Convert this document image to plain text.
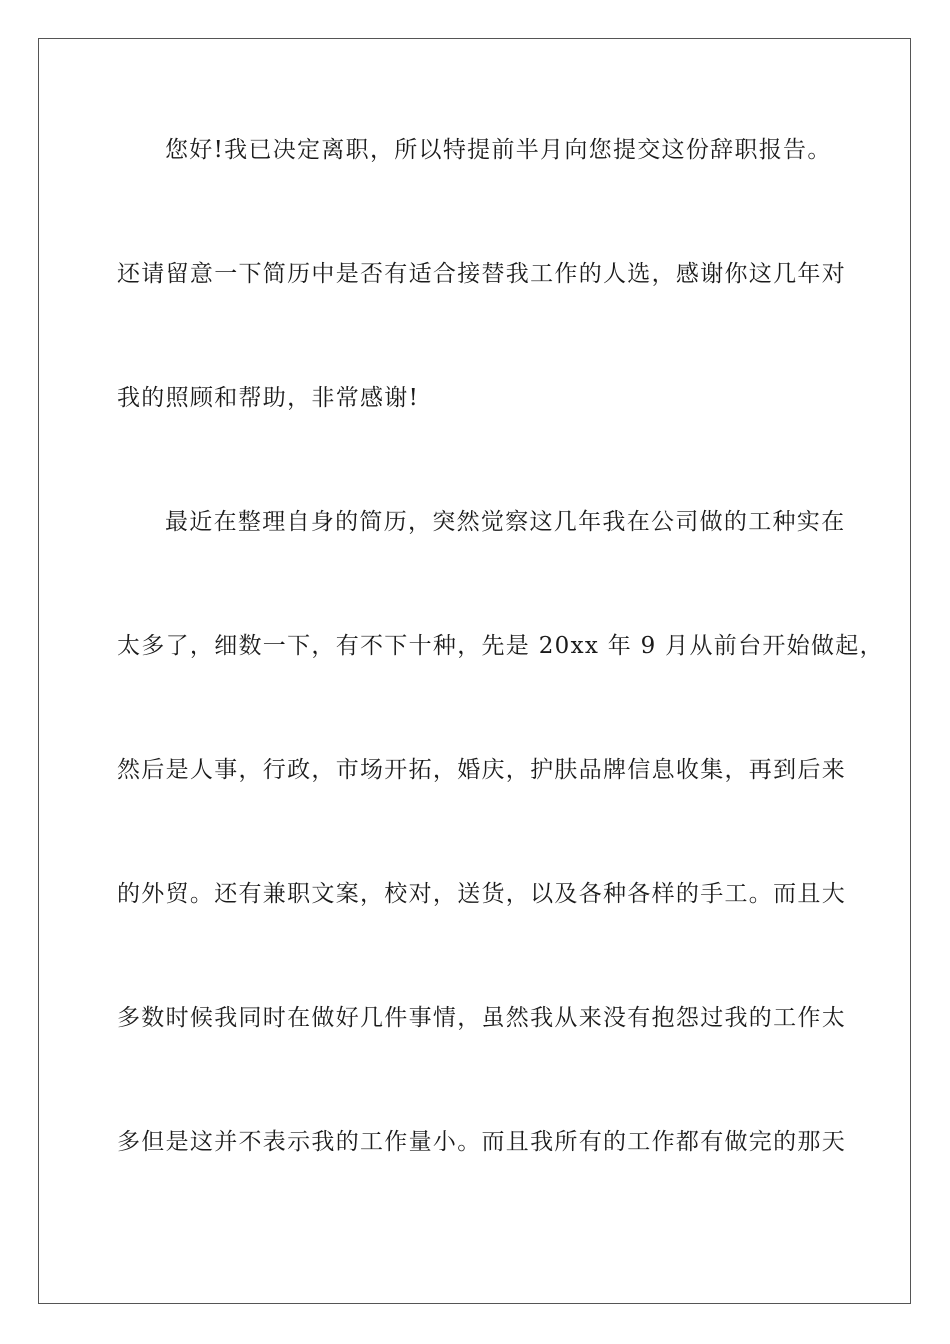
您好!我已决定离职，所以特提前半月向您提交这份辞职报告。
还请留意一下简历中是否有适合接替我工作的人选，感谢你这几年对
我的照顾和帮助，非常感谢!
最近在整理自身的简历，突然觉察这几年我在公司做的工种实在
太多了，细数一下，有不下十种，先是 20xx 年 9 月从前台开始做起，
然后是人事，行政，市场开拓，婚庆，护肤品牌信息收集，再到后来
的外贸。还有兼职文案，校对，送货，以及各种各样的手工。而且大
多数时候我同时在做好几件事情，虽然我从来没有抱怨过我的工作太
多但是这并不表示我的工作量小。而且我所有的工作都有做完的那天
